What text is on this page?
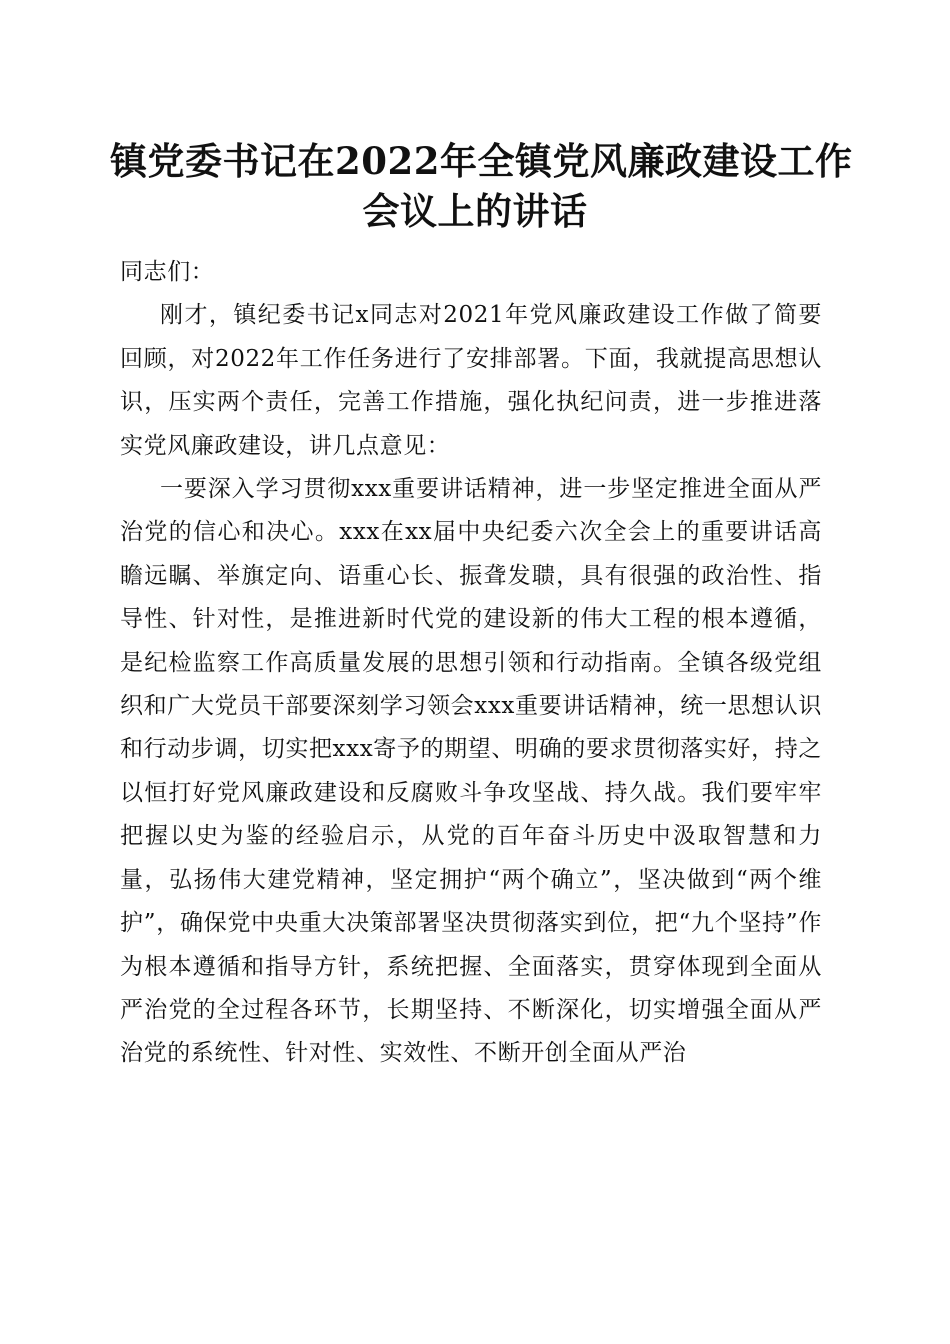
镇党委书记在2022年全镇党风廉政建设工作
会议上的讲话

同志们：

刚才，镇纪委书记x同志对2021年党风廉政建设工作做了简要回顾，对2022年工作任务进行了安排部署。下面，我就提高思想认识，压实两个责任，完善工作措施，强化执纪问责，进一步推进落实党风廉政建设，讲几点意见：

一要深入学习贯彻xxx重要讲话精神，进一步坚定推进全面从严治党的信心和决心。xxx在xx届中央纪委六次全会上的重要讲话高瞻远瞩、举旗定向、语重心长、振聋发聩，具有很强的政治性、指导性、针对性，是推进新时代党的建设新的伟大工程的根本遵循，是纪检监察工作高质量发展的思想引领和行动指南。全镇各级党组织和广大党员干部要深刻学习领会xxx重要讲话精神，统一思想认识和行动步调，切实把xxx寄予的期望、明确的要求贯彻落实好，持之以恒打好党风廉政建设和反腐败斗争攻坚战、持久战。我们要牢牢把握以史为鉴的经验启示，从党的百年奋斗历史中汲取智慧和力量，弘扬伟大建党精神，坚定拥护“两个确立”，坚决做到“两个维护”，确保党中央重大决策部署坚决贯彻落实到位，把“九个坚持”作为根本遵循和指导方针，系统把握、全面落实，贯穿体现到全面从严治党的全过程各环节，长期坚持、不断深化，切实增强全面从严治党的系统性、针对性、实效性、不断开创全面从严治
